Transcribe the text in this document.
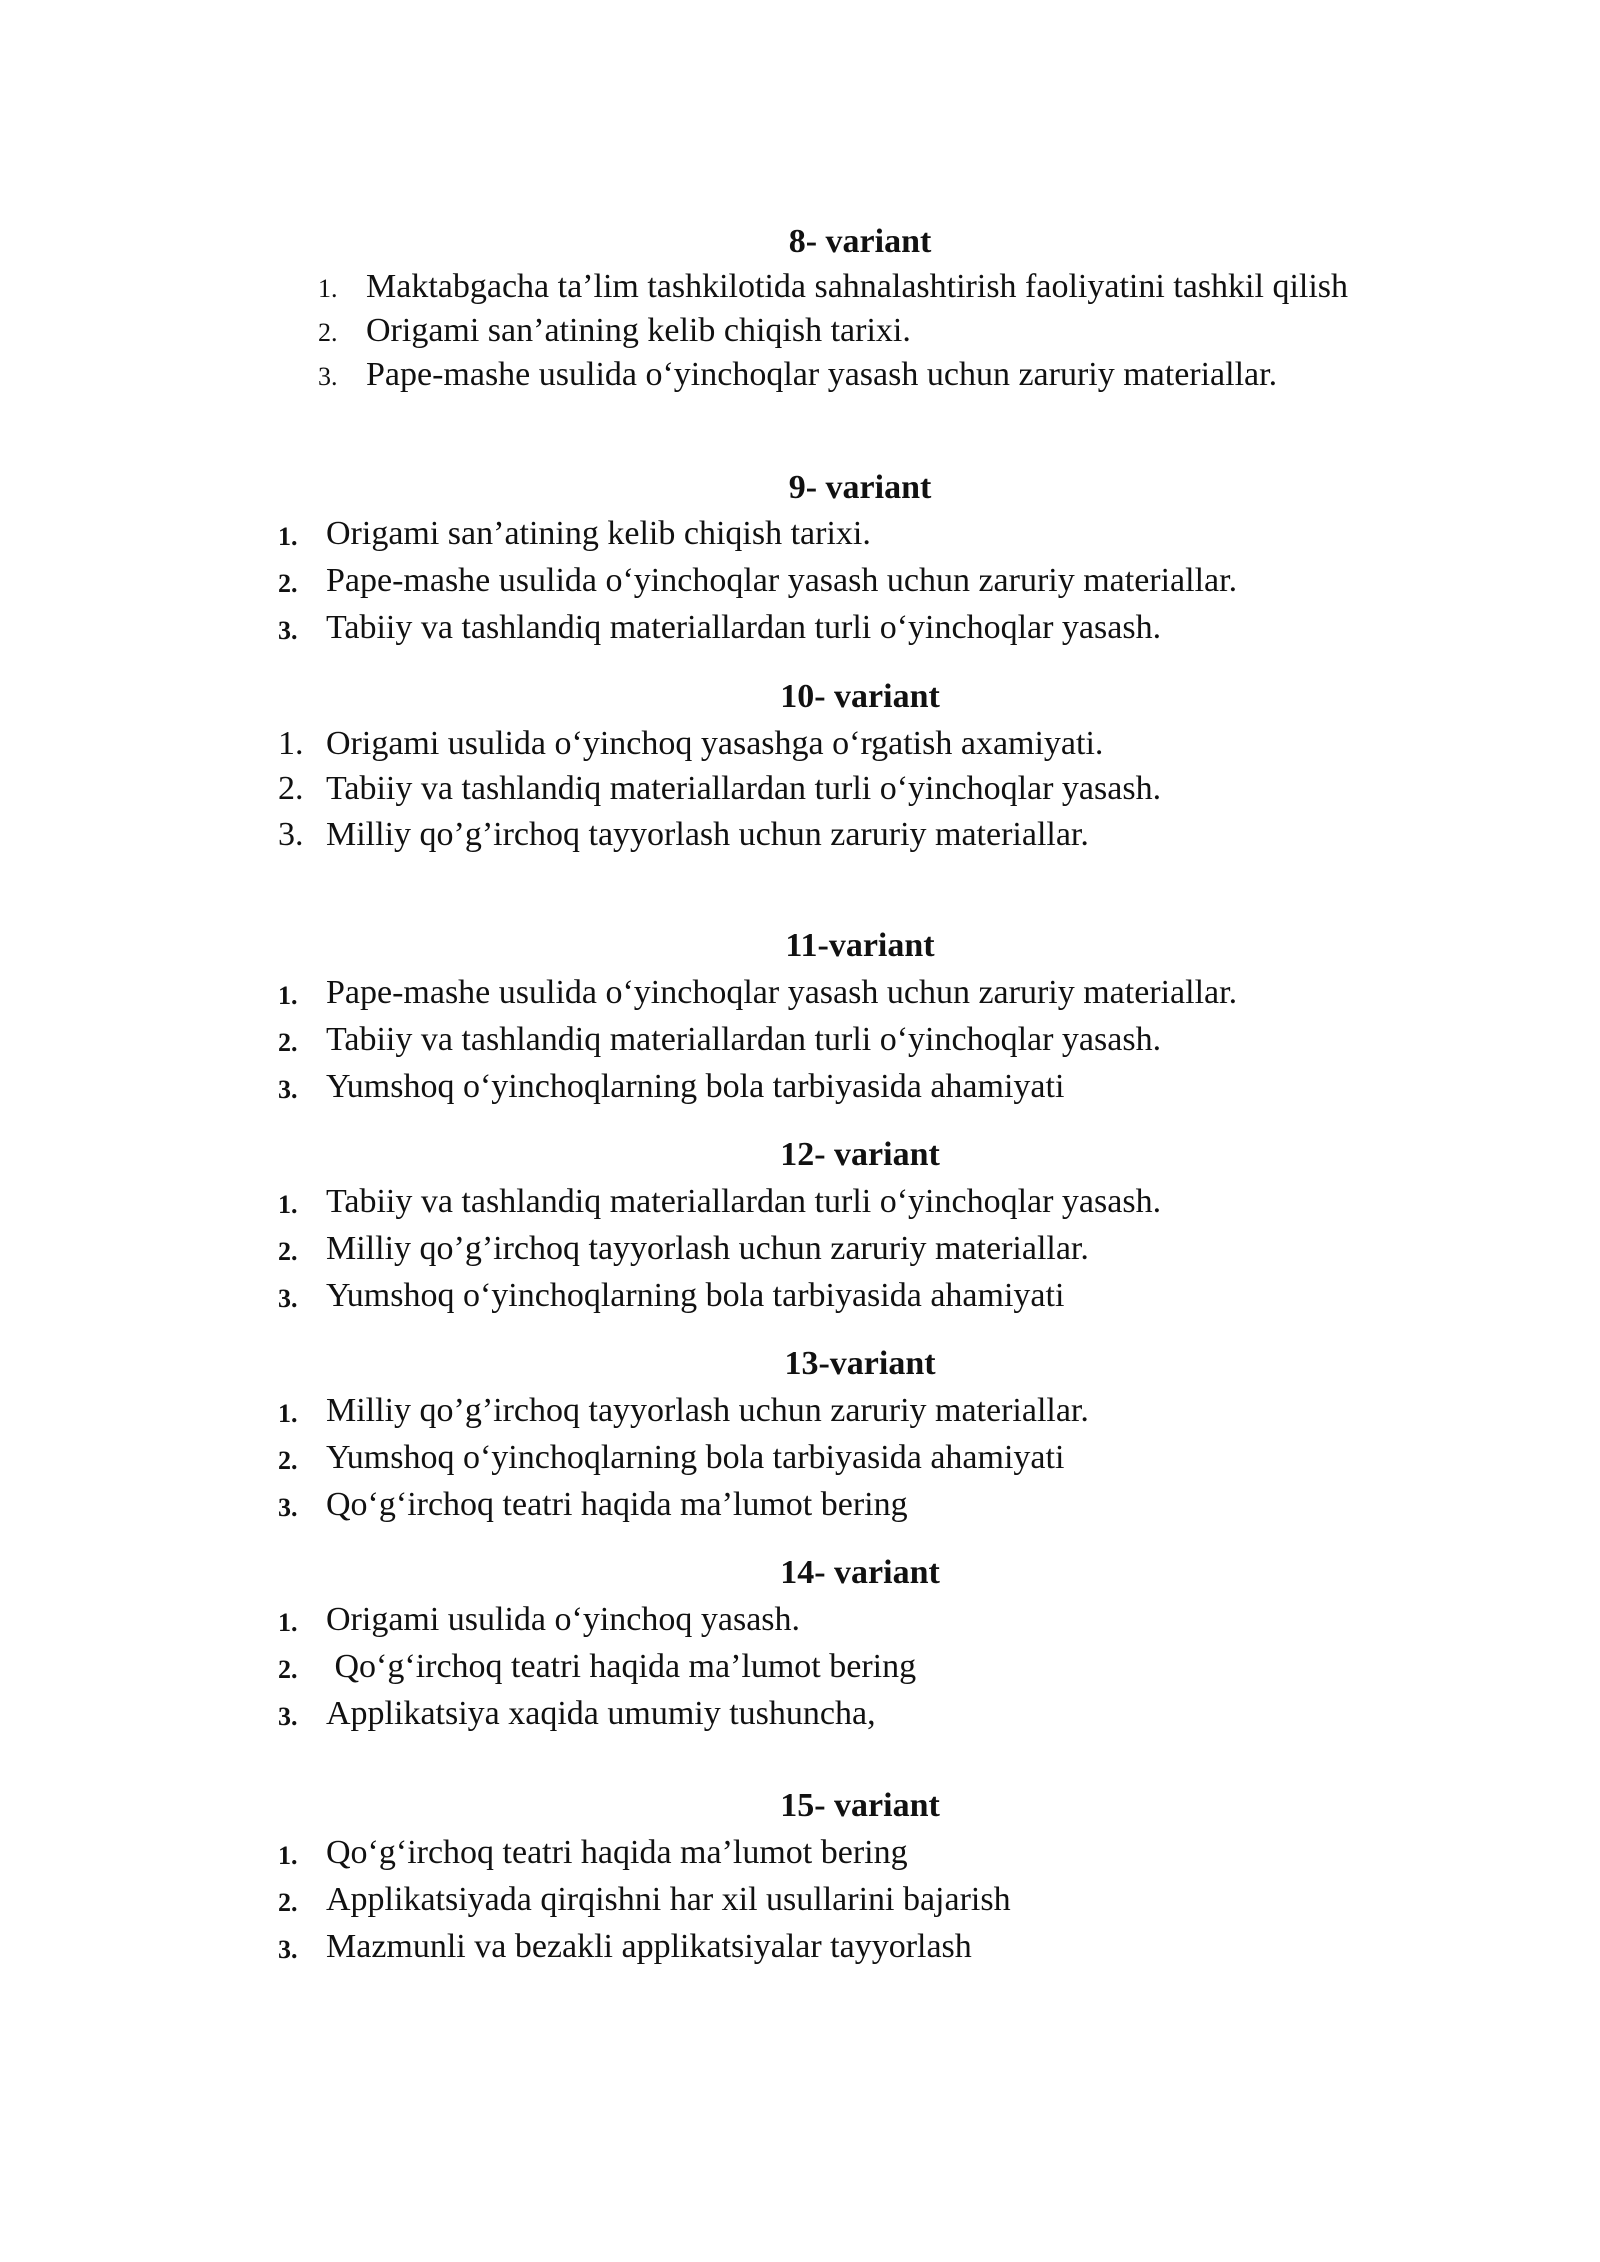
8- variant
1. Maktabgacha ta’lim tashkilotida sahnalashtirish faoliyatini tashkil qilish
2. Origami san’atining kelib chiqish tarixi.
3. Pape-mashe usulida o‘yinchoqlar yasash uchun zaruriy materiallar.
9- variant
1. Origami san’atining kelib chiqish tarixi.
2. Pape-mashe usulida o‘yinchoqlar yasash uchun zaruriy materiallar.
3. Tabiiy va tashlandiq materiallardan turli o‘yinchoqlar yasash.
10- variant
1. Origami usulida o‘yinchoq yasashga o‘rgatish axamiyati.
2. Tabiiy va tashlandiq materiallardan turli o‘yinchoqlar yasash.
3. Milliy qo’g’irchoq tayyorlash uchun zaruriy materiallar.
11-variant
1. Pape-mashe usulida o‘yinchoqlar yasash uchun zaruriy materiallar.
2. Tabiiy va tashlandiq materiallardan turli o‘yinchoqlar yasash.
3. Yumshoq o‘yinchoqlarning bola tarbiyasida ahamiyati
12- variant
1. Tabiiy va tashlandiq materiallardan turli o‘yinchoqlar yasash.
2. Milliy qo’g’irchoq tayyorlash uchun zaruriy materiallar.
3. Yumshoq o‘yinchoqlarning bola tarbiyasida ahamiyati
13-variant
1. Milliy qo’g’irchoq tayyorlash uchun zaruriy materiallar.
2. Yumshoq o‘yinchoqlarning bola tarbiyasida ahamiyati
3. Qo‘g‘irchoq teatri haqida ma’lumot bering
14- variant
1. Origami usulida o‘yinchoq yasash.
2. Qo‘g‘irchoq teatri haqida ma’lumot bering
3. Applikatsiya xaqida umumiy tushuncha,
15- variant
1. Qo‘g‘irchoq teatri haqida ma’lumot bering
2. Applikatsiyada qirqishni har xil usullarini bajarish
3. Mazmunli va bezakli applikatsiyalar tayyorlash
